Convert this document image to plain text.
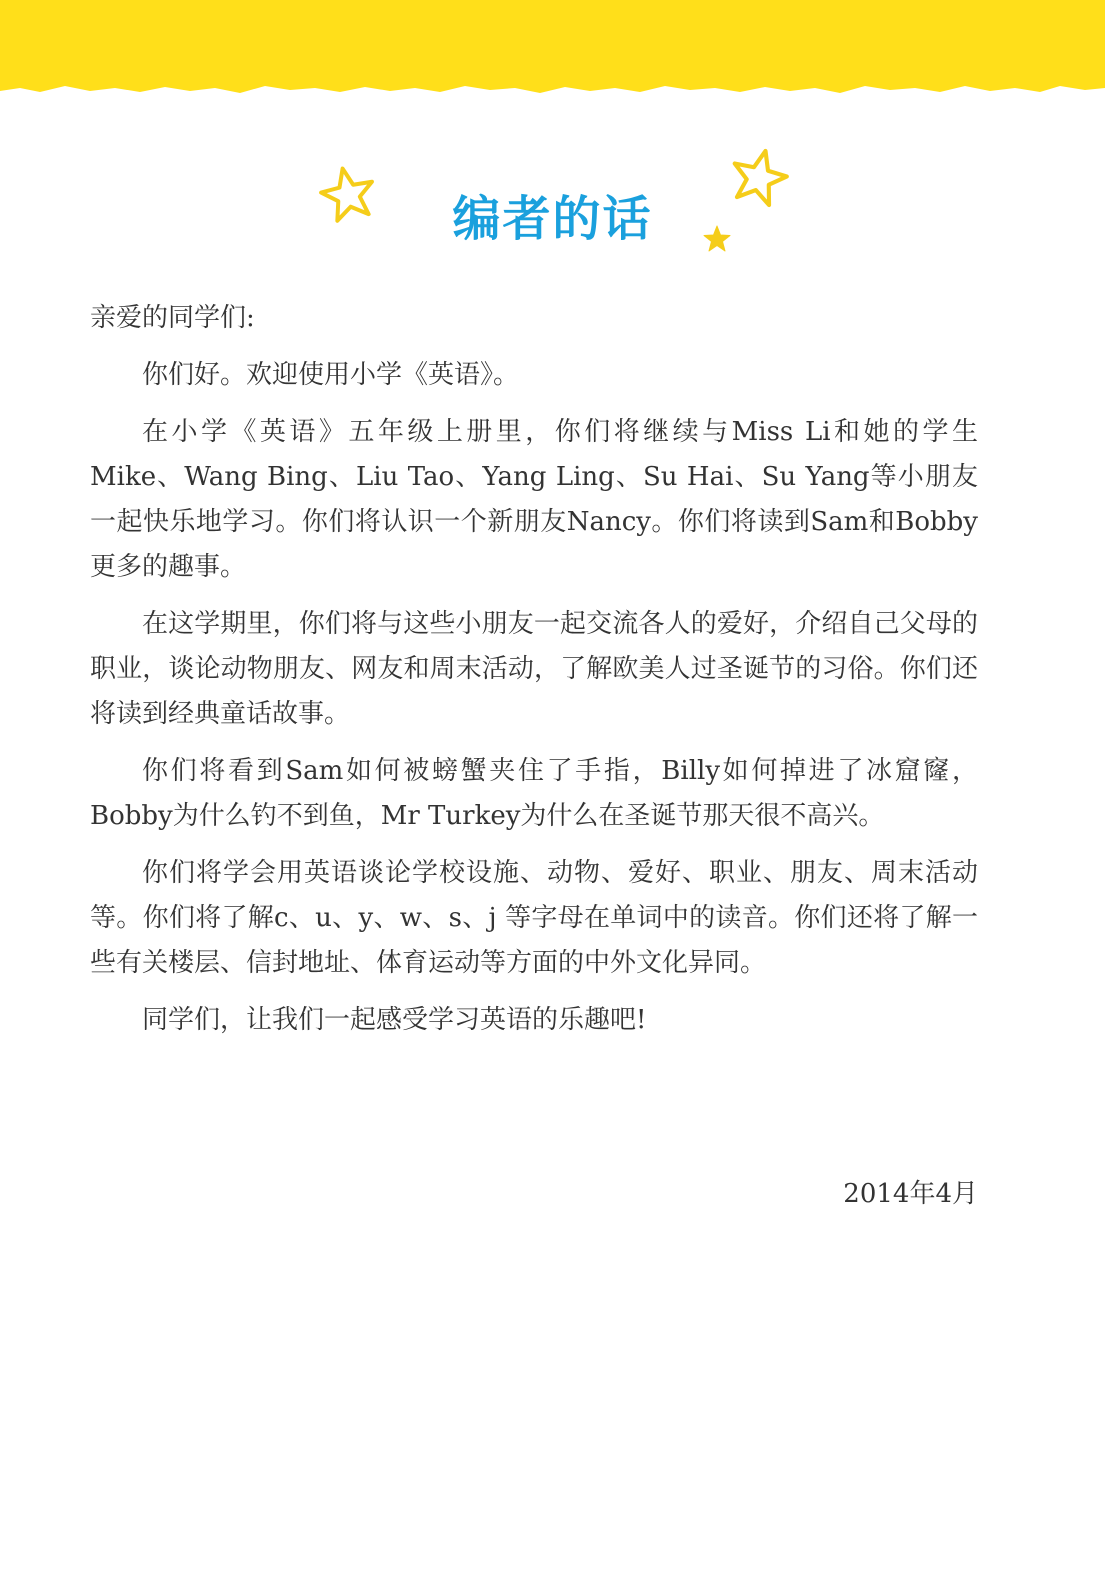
编者的话

亲爱的同学们:

你们好。欢迎使用小学《英语》。

在小学《英语》五年级上册里，你们将继续与Miss Li和她的学生Mike、Wang Bing、Liu Tao、Yang Ling、Su Hai、Su Yang等小朋友一起快乐地学习。你们将认识一个新朋友Nancy。你们将读到Sam和Bobby更多的趣事。

在这学期里，你们将与这些小朋友一起交流各人的爱好，介绍自己父母的职业，谈论动物朋友、网友和周末活动，了解欧美人过圣诞节的习俗。你们还将读到经典童话故事。

你们将看到Sam如何被螃蟹夹住了手指，Billy如何掉进了冰窟窿，Bobby为什么钓不到鱼，Mr Turkey为什么在圣诞节那天很不高兴。

你们将学会用英语谈论学校设施、动物、爱好、职业、朋友、周末活动等。你们将了解c、u、y、w、s、j 等字母在单词中的读音。你们还将了解一些有关楼层、信封地址、体育运动等方面的中外文化异同。

同学们，让我们一起感受学习英语的乐趣吧!

2014年4月
